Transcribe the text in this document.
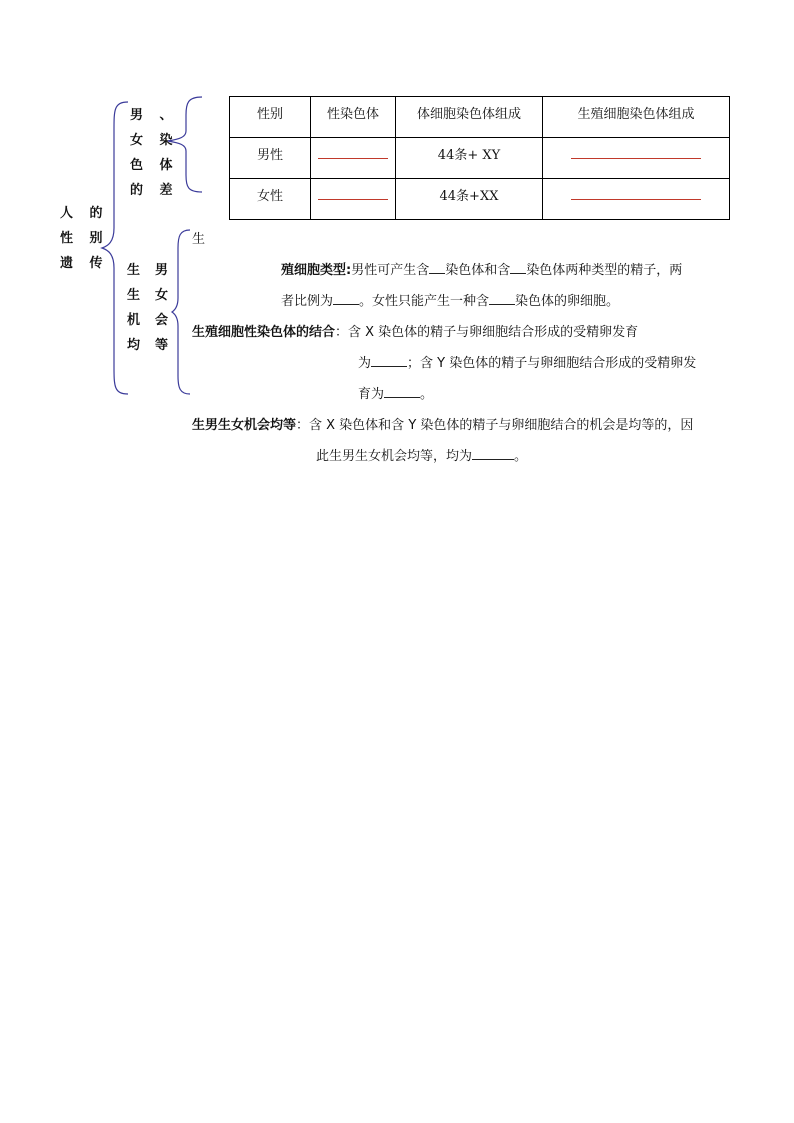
人 的
性 别
遗 传
男 、
女 染
色 体
的 差
性别	性染色体	体细胞染色体组成	生殖细胞染色体组成
男性		44条+ XY	
女性		44条+XX	
生  男
生  女
机  会
均  等
生
殖细胞类型:男性可产生含 染色体和含 染色体两种类型的精子，两
者比例为 。女性只能产生一种含 染色体的卵细胞。
生殖细胞性染色体的结合：含 X 染色体的精子与卵细胞结合形成的受精卵发育
为	；含 Y 染色体的精子与卵细胞结合形成的受精卵发
育为	。
生男生女机会均等：含 X 染色体和含 Y 染色体的精子与卵细胞结合的机会是均等的，因
此生男生女机会均等，均为	。
